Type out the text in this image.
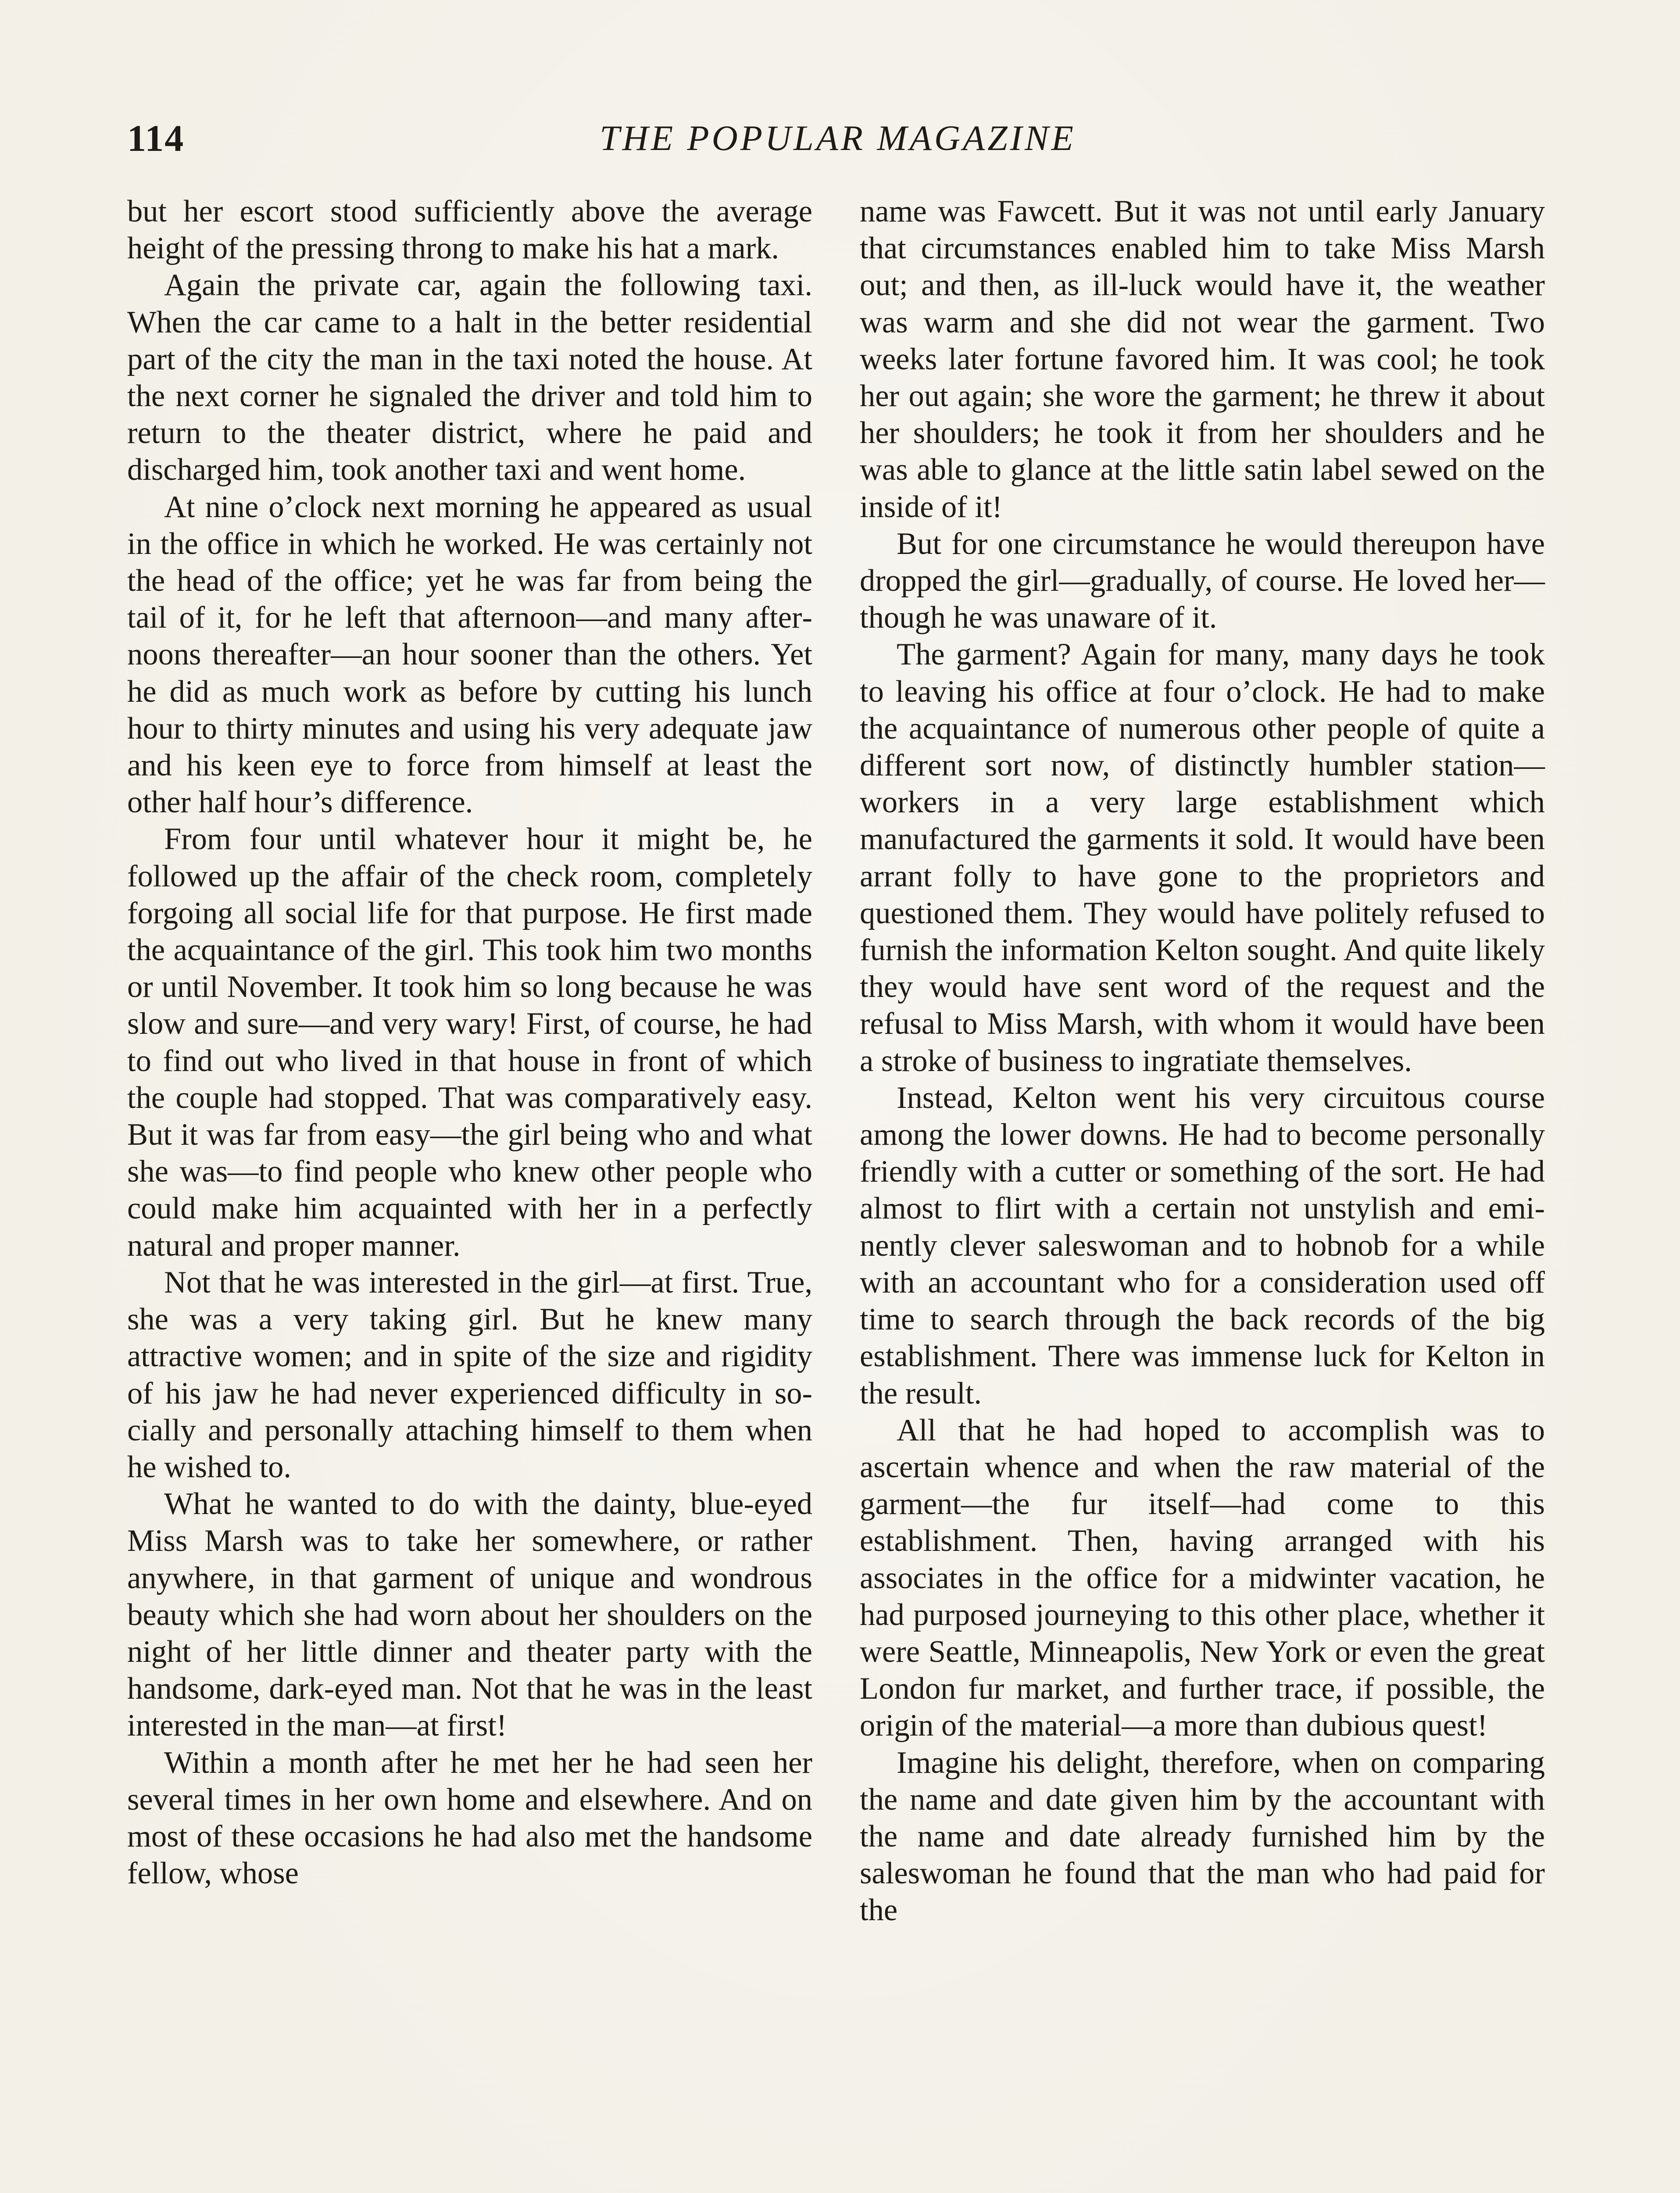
114	THE POPULAR MAGAZINE

but her escort stood sufficiently above the average height of the pressing throng to make his hat a mark.

Again the private car, again the following taxi. When the car came to a halt in the better residential part of the city the man in the taxi noted the house. At the next corner he signaled the driver and told him to return to the theater district, where he paid and discharged him, took another taxi and went home.

At nine o’clock next morning he appeared as usual in the office in which he worked. He was certainly not the head of the office; yet he was far from being the tail of it, for he left that afternoon—and many afternoons thereafter—an hour sooner than the others. Yet he did as much work as before by cutting his lunch hour to thirty minutes and using his very adequate jaw and his keen eye to force from himself at least the other half hour’s difference.

From four until whatever hour it might be, he followed up the affair of the check room, completely forgoing all social life for that purpose. He first made the acquaintance of the girl. This took him two months or until November. It took him so long because he was slow and sure—and very wary! First, of course, he had to find out who lived in that house in front of which the couple had stopped. That was comparatively easy. But it was far from easy—the girl being who and what she was—to find people who knew other people who could make him acquainted with her in a perfectly natural and proper manner.

Not that he was interested in the girl—at first. True, she was a very taking girl. But he knew many attractive women; and in spite of the size and rigidity of his jaw he had never experienced difficulty in socially and personally attaching himself to them when he wished to.

What he wanted to do with the dainty, blue-eyed Miss Marsh was to take her somewhere, or rather anywhere, in that garment of unique and wondrous beauty which she had worn about her shoulders on the night of her little dinner and theater party with the handsome, dark-eyed man. Not that he was in the least interested in the man—at first!

Within a month after he met her he had seen her several times in her own home and elsewhere. And on most of these occasions he had also met the handsome fellow, whose

name was Fawcett. But it was not until early January that circumstances enabled him to take Miss Marsh out; and then, as ill-luck would have it, the weather was warm and she did not wear the garment. Two weeks later fortune favored him. It was cool; he took her out again; she wore the garment; he threw it about her shoulders; he took it from her shoulders and he was able to glance at the little satin label sewed on the inside of it!

But for one circumstance he would thereupon have dropped the girl—gradually, of course. He loved her—though he was unaware of it.

The garment? Again for many, many days he took to leaving his office at four o’clock. He had to make the acquaintance of numerous other people of quite a different sort now, of distinctly humbler station—workers in a very large establishment which manufactured the garments it sold. It would have been arrant folly to have gone to the proprietors and questioned them. They would have politely refused to furnish the information Kelton sought. And quite likely they would have sent word of the request and the refusal to Miss Marsh, with whom it would have been a stroke of business to ingratiate themselves.

Instead, Kelton went his very circuitous course among the lower downs. He had to become personally friendly with a cutter or something of the sort. He had almost to flirt with a certain not unstylish and eminently clever saleswoman and to hobnob for a while with an accountant who for a consideration used off time to search through the back records of the big establishment. There was immense luck for Kelton in the result.

All that he had hoped to accomplish was to ascertain whence and when the raw material of the garment—the fur itself—had come to this establishment. Then, having arranged with his associates in the office for a midwinter vacation, he had purposed journeying to this other place, whether it were Seattle, Minneapolis, New York or even the great London fur market, and further trace, if possible, the origin of the material—a more than dubious quest!

Imagine his delight, therefore, when on comparing the name and date given him by the accountant with the name and date already furnished him by the saleswoman he found that the man who had paid for the
